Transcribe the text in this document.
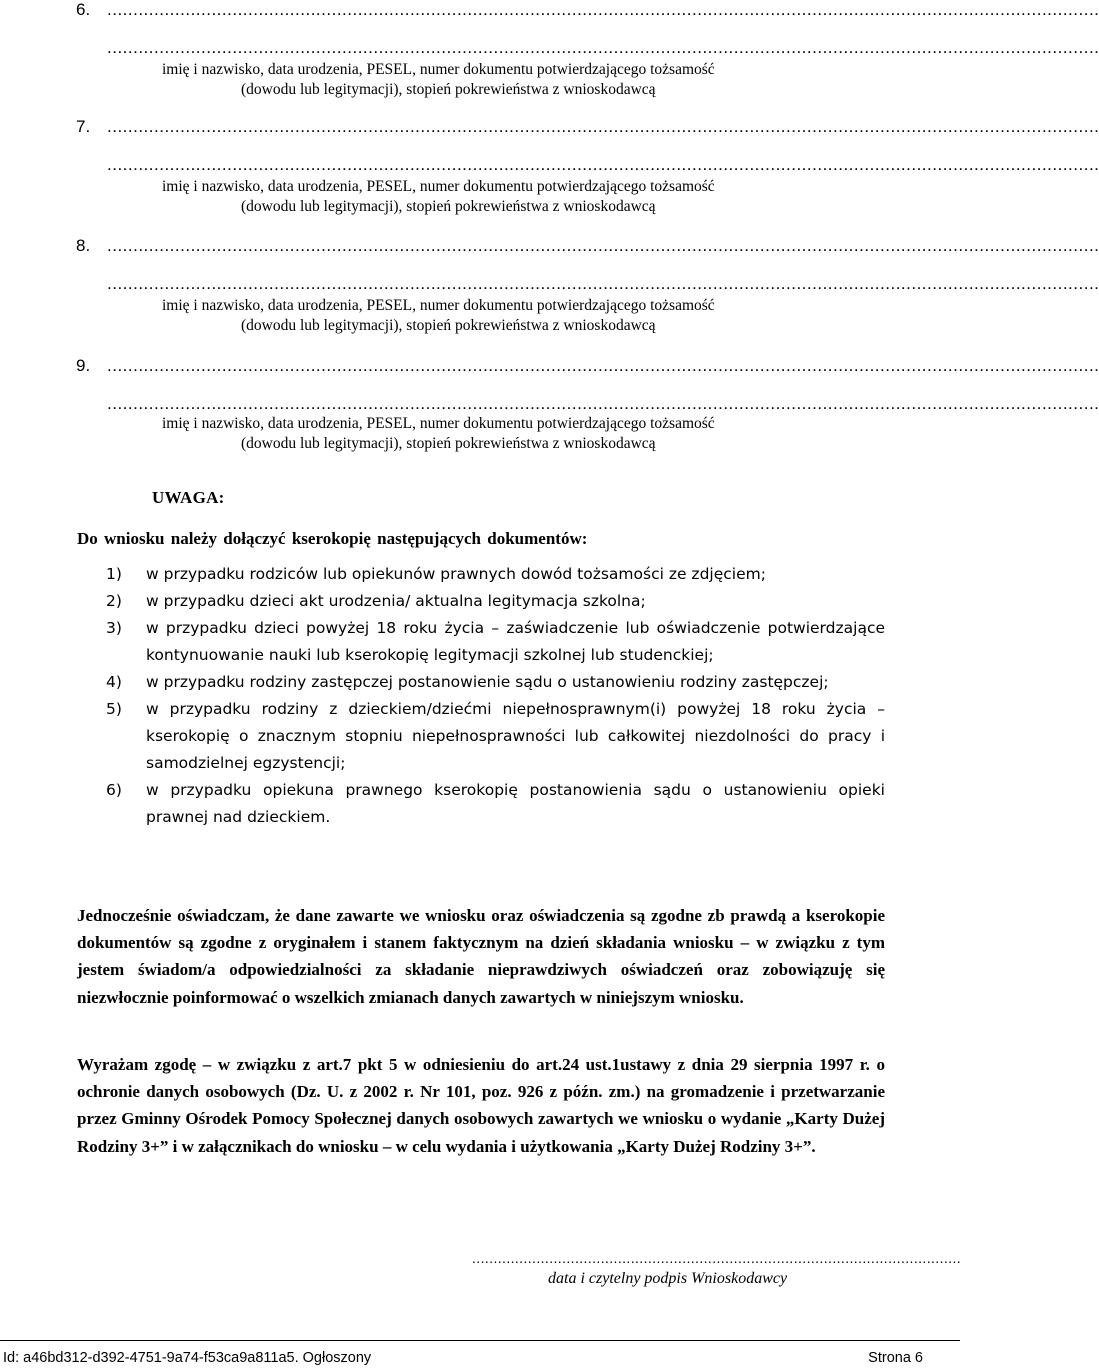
6. ..............................................................................................................................................................................................
..............................................................................................................................................................................................
imię i nazwisko, data urodzenia, PESEL, numer dokumentu potwierdzającego tożsamość
(dowodu lub legitymacji), stopień pokrewieństwa z wnioskodawcą
7. ..............................................................................................................................................................................................
..............................................................................................................................................................................................
imię i nazwisko, data urodzenia, PESEL, numer dokumentu potwierdzającego tożsamość
(dowodu lub legitymacji), stopień pokrewieństwa z wnioskodawcą
8. ..............................................................................................................................................................................................
..............................................................................................................................................................................................
imię i nazwisko, data urodzenia, PESEL, numer dokumentu potwierdzającego tożsamość
(dowodu lub legitymacji), stopień pokrewieństwa z wnioskodawcą
9. ..............................................................................................................................................................................................
..............................................................................................................................................................................................
imię i nazwisko, data urodzenia, PESEL, numer dokumentu potwierdzającego tożsamość
(dowodu lub legitymacji), stopień pokrewieństwa z wnioskodawcą
UWAGA:
Do wniosku należy dołączyć kserokopię następujących dokumentów:
1) w przypadku rodziców lub opiekunów prawnych dowód tożsamości ze zdjęciem;
2) w przypadku dzieci akt urodzenia/ aktualna legitymacja szkolna;
3) w przypadku dzieci powyżej 18 roku życia – zaświadczenie lub oświadczenie potwierdzające kontynuowanie nauki lub kserokopię legitymacji szkolnej lub studenckiej;
4) w przypadku rodziny zastępczej postanowienie sądu o ustanowieniu rodziny zastępczej;
5) w przypadku rodziny z dzieckiem/dziećmi niepełnosprawnym(i) powyżej 18 roku życia – kserokopię o znacznym stopniu niepełnosprawności lub całkowitej niezdolności do pracy i samodzielnej egzystencji;
6) w przypadku opiekuna prawnego kserokopię postanowienia sądu o ustanowieniu opieki prawnej nad dzieckiem.
Jednocześnie oświadczam, że dane zawarte we wniosku oraz oświadczenia są zgodne zb prawdą a kserokopie dokumentów są zgodne z oryginałem i stanem faktycznym na dzień składania wniosku – w związku z tym jestem świadom/a odpowiedzialności za składanie nieprawdziwych oświadczeń oraz zobowiązuję się niezwłocznie poinformować o wszelkich zmianach danych zawartych w niniejszym wniosku.
Wyrażam zgodę – w związku z art.7 pkt 5 w odniesieniu do art.24 ust.1ustawy z dnia 29 sierpnia 1997 r. o ochronie danych osobowych (Dz. U. z 2002 r. Nr 101, poz. 926 z późn. zm.) na gromadzenie i przetwarzanie przez Gminny Ośrodek Pomocy Społecznej danych osobowych zawartych we wniosku o wydanie „Karty Dużej Rodziny 3+” i w załącznikach do wniosku – w celu wydania i użytkowania „Karty Dużej Rodziny 3+”.
..................................................................................................................
data i czytelny podpis Wnioskodawcy
Id: a46bd312-d392-4751-9a74-f53ca9a811a5. Ogłoszony	Strona 6
